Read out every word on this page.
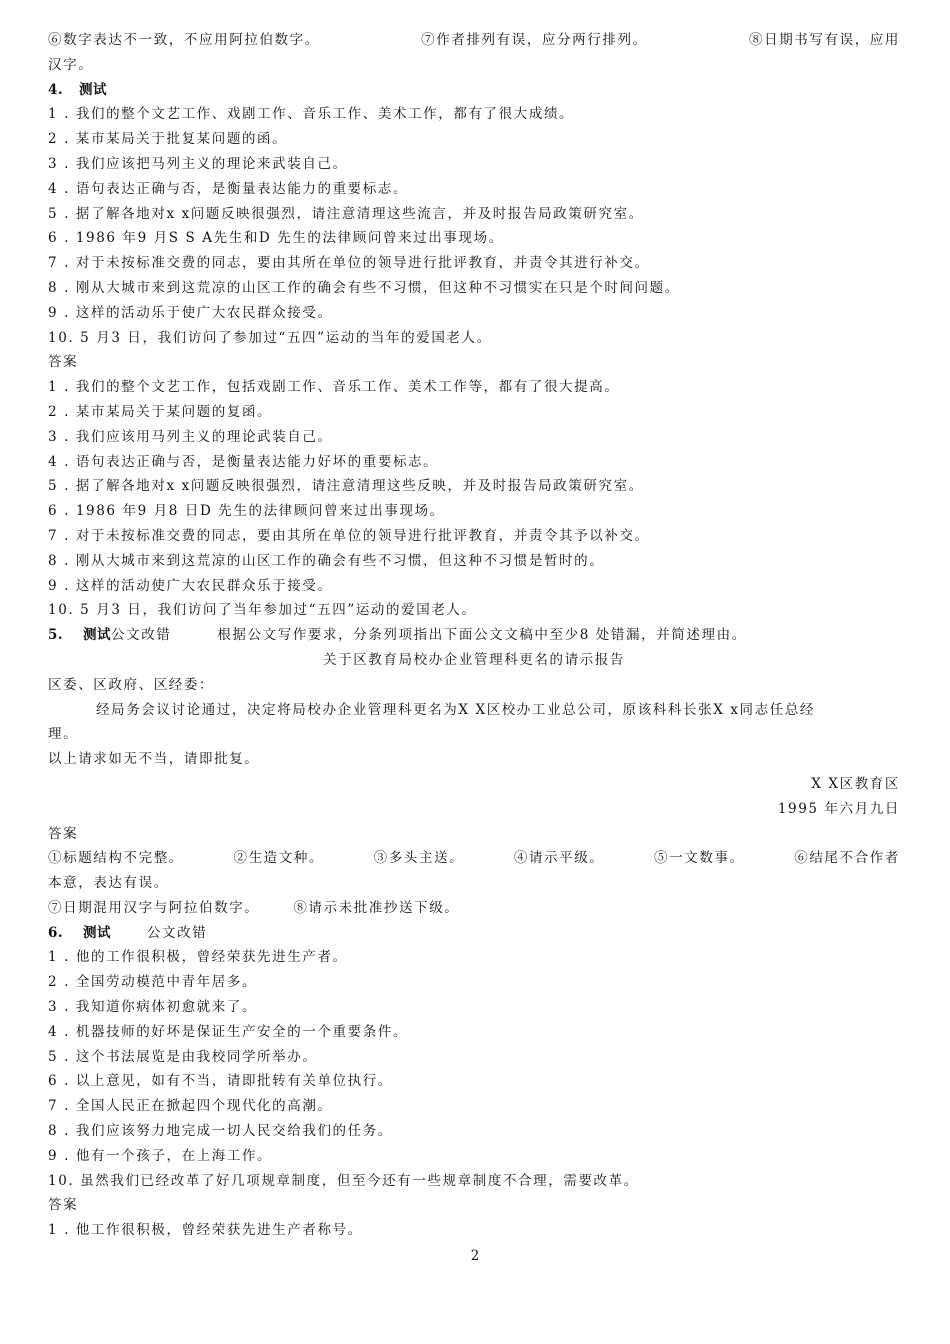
⑥数字表达不一致，不应用阿拉伯数字。	⑦作者排列有误，应分两行排列。	⑧日期书写有误，应用
汉字。
4. 测试
1 . 我们的整个文艺工作、戏剧工作、音乐工作、美术工作，都有了很大成绩。
2 . 某市某局关于批复某问题的函。
3 . 我们应该把马列主义的理论来武装自己。
4 . 语句表达正确与否，是衡量表达能力的重要标志。
5 . 据了解各地对x x问题反映很强烈，请注意清理这些流言，并及时报告局政策研究室。
6 . 1986 年9 月S S A先生和D 先生的法律顾问曾来过出事现场。
7 . 对于未按标准交费的同志，要由其所在单位的领导进行批评教育，并责令其进行补交。
8 . 刚从大城市来到这荒凉的山区工作的确会有些不习惯，但这种不习惯实在只是个时间问题。
9 . 这样的活动乐于使广大农民群众接受。
10. 5 月3 日，我们访问了参加过“五四”运动的当年的爱国老人。
答案
1 . 我们的整个文艺工作，包括戏剧工作、音乐工作、美术工作等，都有了很大提高。
2 . 某市某局关于某问题的复函。
3 . 我们应该用马列主义的理论武装自己。
4 . 语句表达正确与否，是衡量表达能力好坏的重要标志。
5 . 据了解各地对x x问题反映很强烈，请注意清理这些反映，并及时报告局政策研究室。
6 . 1986 年9 月8 日D 先生的法律顾问曾来过出事现场。
7 . 对于未按标准交费的同志，要由其所在单位的领导进行批评教育，并责令其予以补交。
8 . 刚从大城市来到这荒凉的山区工作的确会有些不习惯，但这种不习惯是暂时的。
9 . 这样的活动使广大农民群众乐于接受。
10. 5 月3 日，我们访问了当年参加过“五四”运动的爱国老人。
5. 测试公文改错	根据公文写作要求，分条列项指出下面公文文稿中至少8 处错漏，并简述理由。
关于区教育局校办企业管理科更名的请示报告
区委、区政府、区经委：
经局务会议讨论通过，决定将局校办企业管理科更名为X X区校办工业总公司，原该科科长张X x同志任总经
理。
以上请求如无不当，请即批复。
X X区教育区
1995 年六月九日
答案
①标题结构不完整。	②生造文种。	③多头主送。	④请示平级。	⑤一文数事。	⑥结尾不合作者
本意，表达有误。
⑦日期混用汉字与阿拉伯数字。	⑧请示未批准抄送下级。
6. 测试	公文改错
1 . 他的工作很积极，曾经荣获先进生产者。
2 . 全国劳动模范中青年居多。
3 . 我知道你病体初愈就来了。
4 . 机器技师的好坏是保证生产安全的一个重要条件。
5 . 这个书法展览是由我校同学所举办。
6 . 以上意见，如有不当，请即批转有关单位执行。
7 . 全国人民正在掀起四个现代化的高潮。
8 . 我们应该努力地完成一切人民交给我们的任务。
9 . 他有一个孩子，在上海工作。
10. 虽然我们已经改革了好几项规章制度，但至今还有一些规章制度不合理，需要改革。
答案
1 . 他工作很积极，曾经荣获先进生产者称号。
2
